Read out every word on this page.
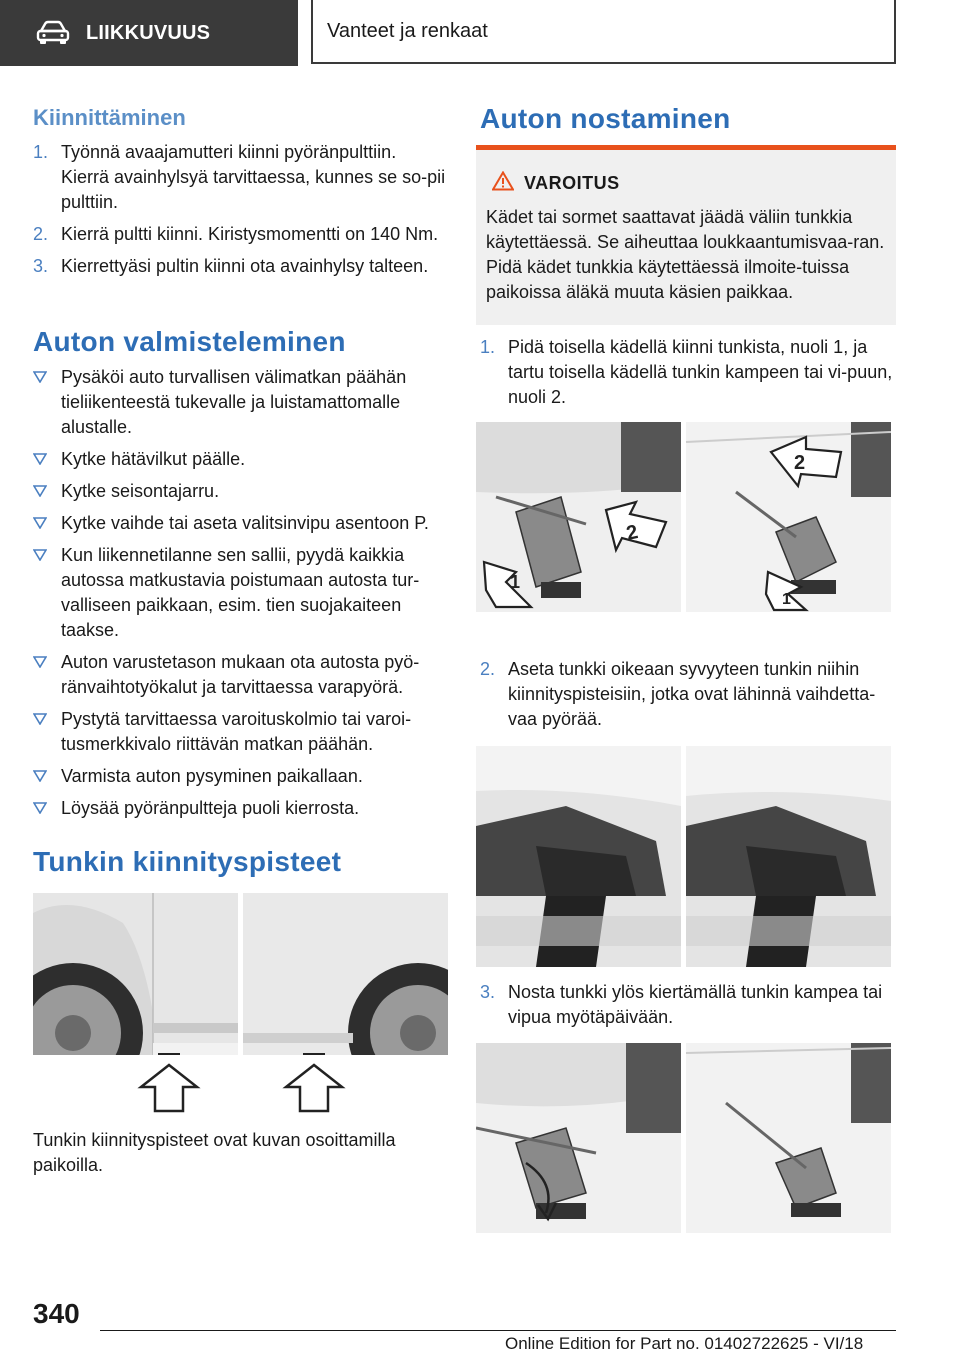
LIIKKUVUUS	Vanteet ja renkaat
Kiinnittäminen
1. Työnnä avaajamutteri kiinni pyöränpulttiin. Kierrä avainhylsyä tarvittaessa, kunnes se so-pii pulttiin.
2. Kierrä pultti kiinni. Kiristysmomentti on 140 Nm.
3. Kierrettyäsi pultin kiinni ota avainhylsy talteen.
Auton valmisteleminen
Pysäköi auto turvallisen välimatkan päähän tieliikenteestä tukevalle ja luistamattomalle alustalle.
Kytke hätävilkut päälle.
Kytke seisontajarru.
Kytke vaihde tai aseta valitsinvipu asentoon P.
Kun liikennetilanne sen sallii, pyydä kaikkia autossa matkustavia poistumaan autosta tur-valliseen paikkaan, esim. tien suojakaiteen taakse.
Auton varustetason mukaan ota autosta pyö-ränvaihtotyökalut ja tarvittaessa varapyörä.
Pystytä tarvittaessa varoituskolmio tai varoi-tusmerkkivalo riittävän matkan päähän.
Varmista auton pysyminen paikallaan.
Löysää pyöränpultteja puoli kierrosta.
Tunkin kiinnityspisteet
Tunkin kiinnityspisteet ovat kuvan osoittamilla paikoilla.
Auton nostaminen
VAROITUS
Kädet tai sormet saattavat jäädä väliin tunkkia käytettäessä. Se aiheuttaa loukkaantumisvaa-ran. Pidä kädet tunkkia käytettäessä ilmoite-tuissa paikoissa äläkä muuta käsien paikkaa.
1. Pidä toisella kädellä kiinni tunkista, nuoli 1, ja tartu toisella kädellä tunkin kampeen tai vi-puun, nuoli 2.
2
1
2
1
2. Aseta tunkki oikeaan syvyyteen tunkin niihin kiinnityspisteisiin, jotka ovat lähinnä vaihdetta-vaa pyörää.
3. Nosta tunkki ylös kiertämällä tunkin kampea tai vipua myötäpäivään.
340
Online Edition for Part no. 01402722625 - VI/18
